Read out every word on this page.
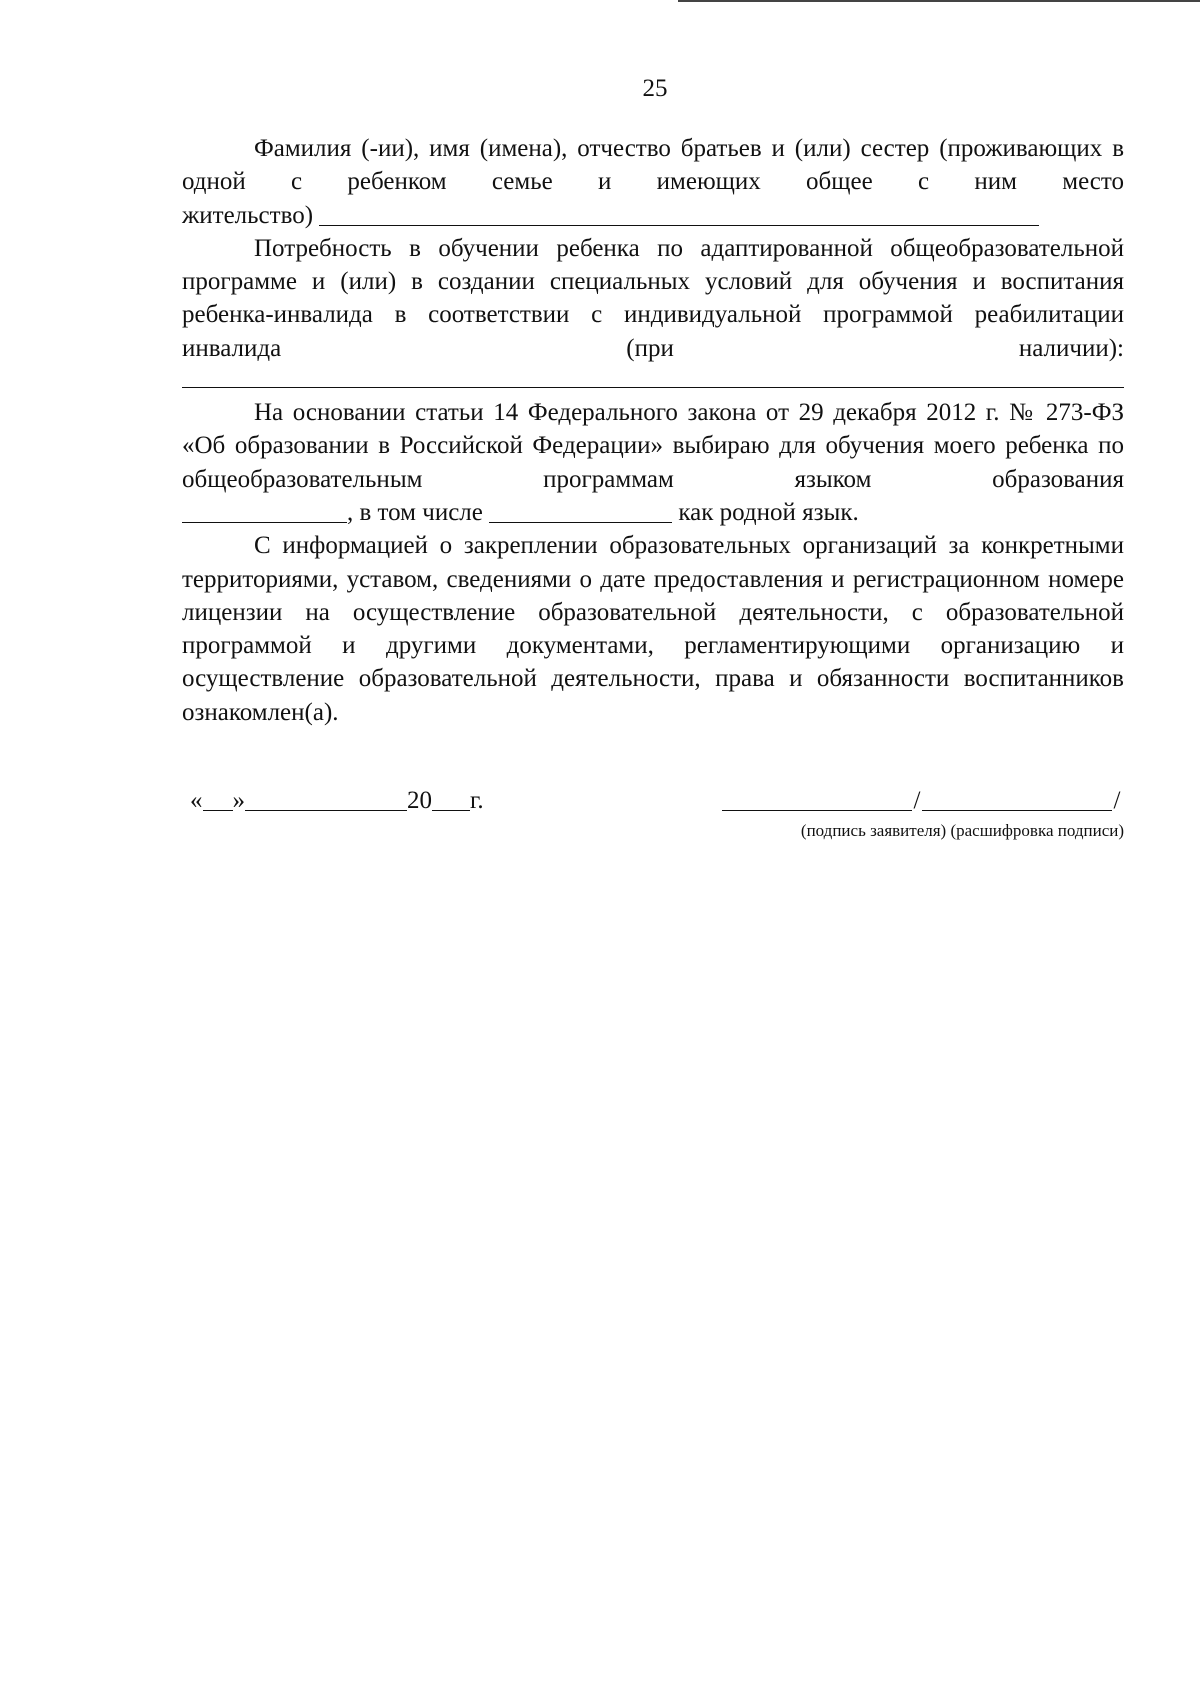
25

Фамилия (-ии), имя (имена), отчество братьев и (или) сестер (проживающих в одной с ребенком семье и имеющих общее с ним место

жительство)

Потребность в обучении ребенка по адаптированной общеобразовательной программе и (или) в создании специальных условий для обучения и воспитания ребенка-инвалида в соответствии с индивидуальной программой реабилитации инвалида (при наличии):

На основании статьи 14 Федерального закона от 29 декабря 2012 г. № 273-ФЗ «Об образовании в Российской Федерации» выбираю для обучения моего ребенка по общеобразовательным программам языком образования

, в том числе	как родной язык.

С информацией о закреплении образовательных организаций за конкретными территориями, уставом, сведениями о дате предоставления и регистрационном номере лицензии на осуществление образовательной деятельности, с образовательной программой и другими документами, регламентирующими организацию и осуществление образовательной деятельности, права и обязанности воспитанников ознакомлен(а).

« »	20 г.	/	/
(подпись заявителя) (расшифровка подписи)
